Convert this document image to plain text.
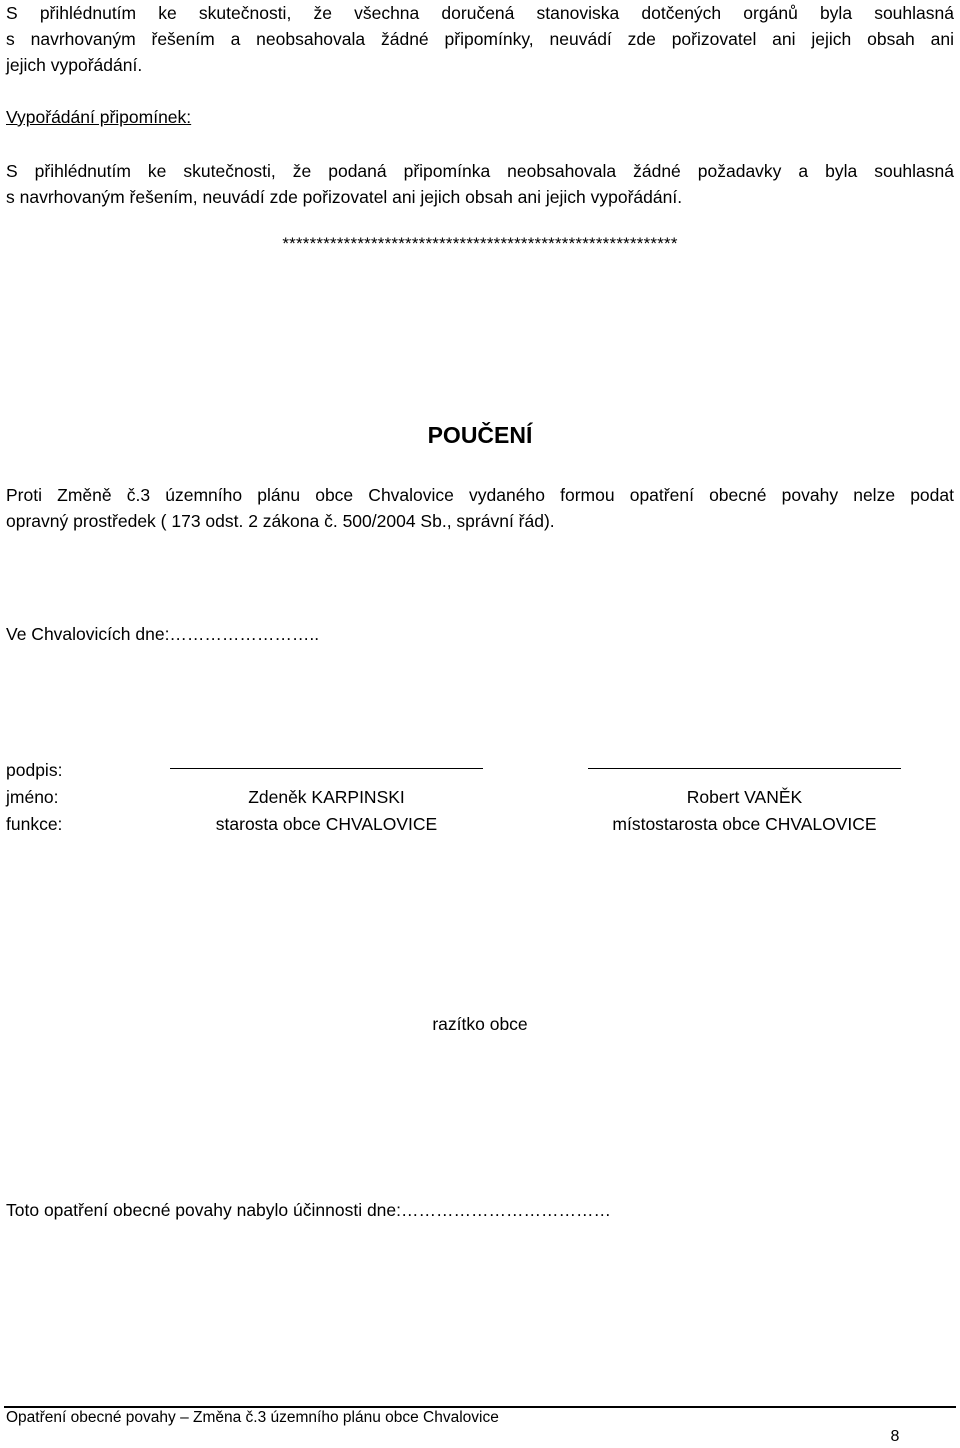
S přihlédnutím ke skutečnosti, že všechna doručená stanoviska dotčených orgánů byla souhlasná
s navrhovaným řešením a neobsahovala žádné připomínky, neuvádí zde pořizovatel ani jejich obsah ani
jejich vypořádání.
Vypořádání připomínek:
S přihlédnutím ke skutečnosti, že podaná připomínka neobsahovala žádné požadavky a byla souhlasná
s navrhovaným řešením, neuvádí zde pořizovatel ani jejich obsah ani jejich vypořádání.
**********************************************************
POUČENÍ
Proti Změně č.3 územního plánu obce Chvalovice vydaného formou opatření obecné povahy nelze podat
opravný prostředek ( 173 odst. 2 zákona č. 500/2004 Sb., správní řád).
Ve Chvalovicích dne:……………………..
podpis:
jméno:	Zdeněk KARPINSKI	Robert VANĚK
funkce:	starosta obce CHVALOVICE	místostarosta obce CHVALOVICE
razítko obce
Toto opatření obecné povahy nabylo účinnosti dne:………………………………
Opatření obecné povahy – Změna č.3 územního plánu obce Chvalovice
8
